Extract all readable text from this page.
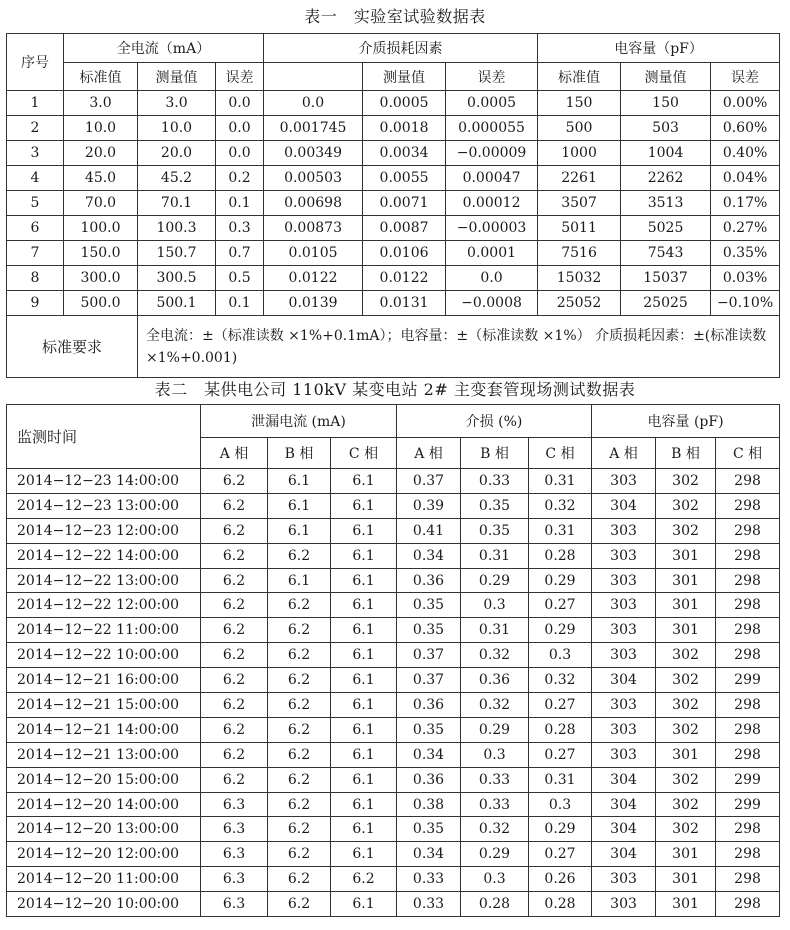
表一　实验室试验数据表
序号	全电流（mA）			介质损耗因素			电容量（pF）		
	标准值	测量值	误差		测量值	误差	标准值	测量值	误差
1	3.0	3.0	0.0	0.0	0.0005	0.0005	150	150	0.00%
2	10.0	10.0	0.0	0.001745	0.0018	0.000055	500	503	0.60%
3	20.0	20.0	0.0	0.00349	0.0034	−0.00009	1000	1004	0.40%
4	45.0	45.2	0.2	0.00503	0.0055	0.00047	2261	2262	0.04%
5	70.0	70.1	0.1	0.00698	0.0071	0.00012	3507	3513	0.17%
6	100.0	100.3	0.3	0.00873	0.0087	−0.00003	5011	5025	0.27%
7	150.0	150.7	0.7	0.0105	0.0106	0.0001	7516	7543	0.35%
8	300.0	300.5	0.5	0.0122	0.0122	0.0	15032	15037	0.03%
9	500.0	500.1	0.1	0.0139	0.0131	−0.0008	25052	25025	−0.10%
标准要求		全电流：±（标准读数 ×1%+0.1mA）；电容量：±（标准读数 ×1%） 介质损耗因素：±(标准读数 ×1%+0.001)							
表二　某供电公司 110kV 某变电站 2# 主变套管现场测试数据表
监测时间	泄漏电流 (mA)			介损 (%)			电容量 (pF)		
	A 相	B 相	C 相	A 相	B 相	C 相	A 相	B 相	C 相
2014−12−23 14:00:00	6.2	6.1	6.1	0.37	0.33	0.31	303	302	298
2014−12−23 13:00:00	6.2	6.1	6.1	0.39	0.35	0.32	304	302	298
2014−12−23 12:00:00	6.2	6.1	6.1	0.41	0.35	0.31	303	302	298
2014−12−22 14:00:00	6.2	6.2	6.1	0.34	0.31	0.28	303	301	298
2014−12−22 13:00:00	6.2	6.1	6.1	0.36	0.29	0.29	303	301	298
2014−12−22 12:00:00	6.2	6.2	6.1	0.35	0.3	0.27	303	301	298
2014−12−22 11:00:00	6.2	6.2	6.1	0.35	0.31	0.29	303	301	298
2014−12−22 10:00:00	6.2	6.2	6.1	0.37	0.32	0.3	303	302	298
2014−12−21 16:00:00	6.2	6.2	6.1	0.37	0.36	0.32	304	302	299
2014−12−21 15:00:00	6.2	6.2	6.1	0.36	0.32	0.27	303	302	298
2014−12−21 14:00:00	6.2	6.2	6.1	0.35	0.29	0.28	303	302	298
2014−12−21 13:00:00	6.2	6.2	6.1	0.34	0.3	0.27	303	301	298
2014−12−20 15:00:00	6.2	6.2	6.1	0.36	0.33	0.31	304	302	299
2014−12−20 14:00:00	6.3	6.2	6.1	0.38	0.33	0.3	304	302	299
2014−12−20 13:00:00	6.3	6.2	6.1	0.35	0.32	0.29	304	302	298
2014−12−20 12:00:00	6.3	6.2	6.1	0.34	0.29	0.27	304	301	298
2014−12−20 11:00:00	6.3	6.2	6.2	0.33	0.3	0.26	303	301	298
2014−12−20 10:00:00	6.3	6.2	6.1	0.33	0.28	0.28	303	301	298
